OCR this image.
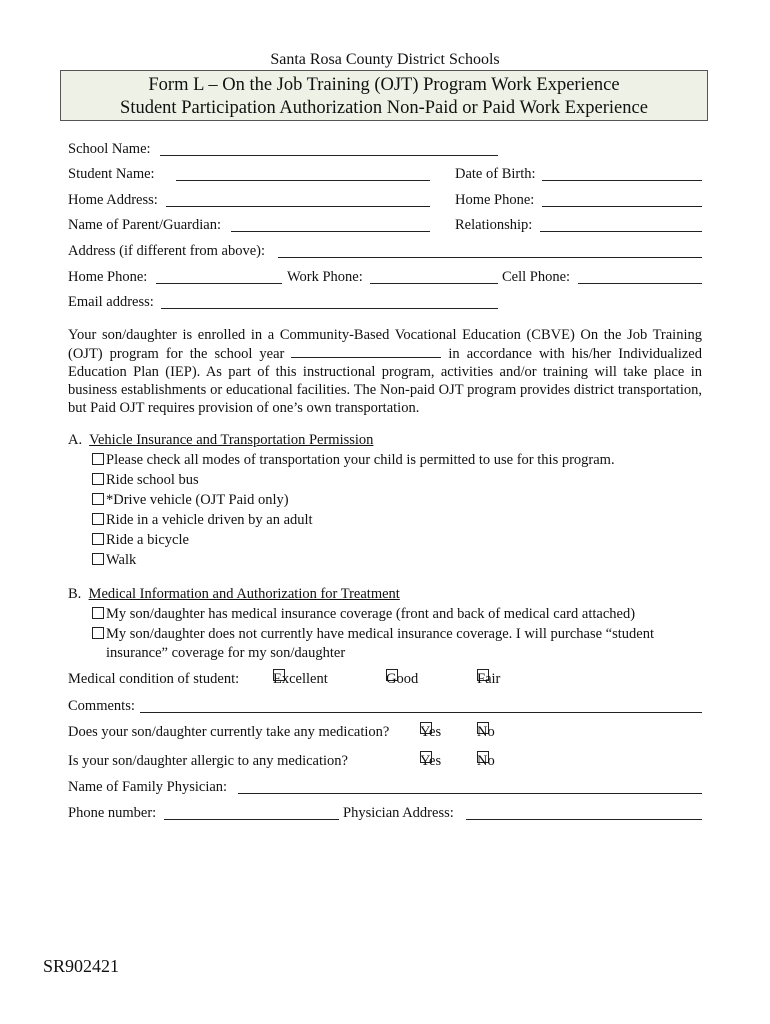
Santa Rosa County District Schools
Form L – On the Job Training (OJT) Program Work Experience
Student Participation Authorization Non-Paid or Paid Work Experience
School Name:
Student Name:	Date of Birth:
Home Address:	Home Phone:
Name of Parent/Guardian:	Relationship:
Address (if different from above):
Home Phone:	Work Phone:	Cell Phone:
Email address:
Your son/daughter is enrolled in a Community-Based Vocational Education (CBVE) On the Job Training (OJT) program for the school year	in accordance with his/her Individualized Education Plan (IEP). As part of this instructional program, activities and/or training will take place in business establishments or educational facilities. The Non-paid OJT program provides district transportation, but Paid OJT requires provision of one’s own transportation.
A. Vehicle Insurance and Transportation Permission
Please check all modes of transportation your child is permitted to use for this program.
Ride school bus
*Drive vehicle (OJT Paid only)
Ride in a vehicle driven by an adult
Ride a bicycle
Walk
B. Medical Information and Authorization for Treatment
My son/daughter has medical insurance coverage (front and back of medical card attached)
My son/daughter does not currently have medical insurance coverage. I will purchase “student
insurance” coverage for my son/daughter
Medical condition of student: Excellent	Good	Fair
Comments:
Does your son/daughter currently take any medication? Yes No
Is your son/daughter allergic to any medication?	Yes No
Name of Family Physician:
Phone number:	Physician Address:
SR902421
